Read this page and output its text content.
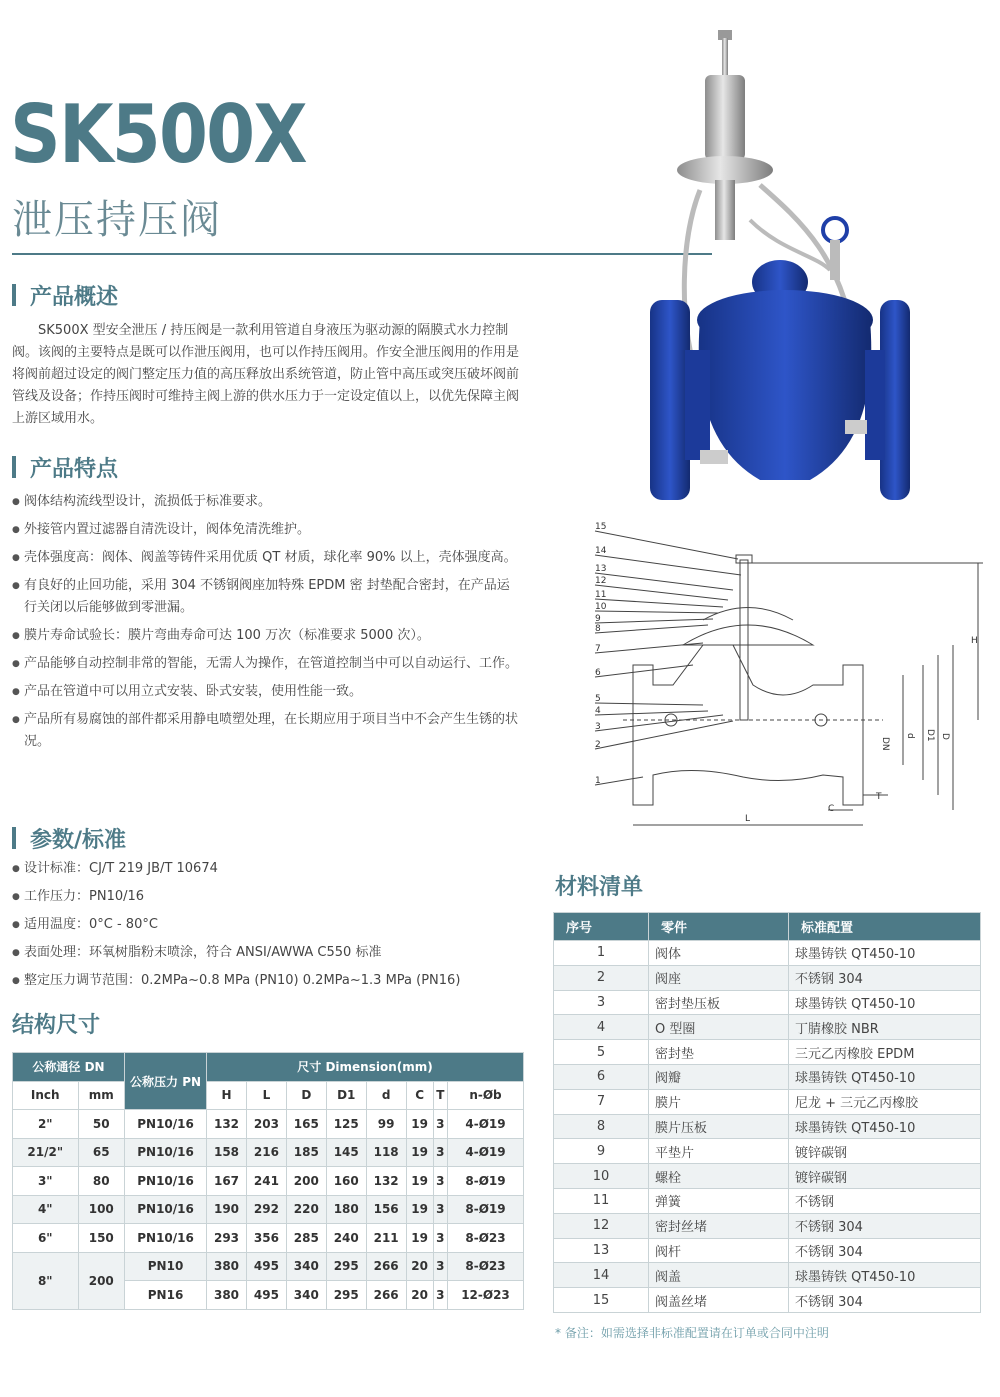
SK500X
泄压持压阀
产品概述

SK500X 型安全泄压 / 持压阀是一款利用管道自身液压为驱动源的隔膜式水力控制阀。该阀的主要特点是既可以作泄压阀用，也可以作持压阀用。作安全泄压阀用的作用是将阀前超过设定的阀门整定压力值的高压释放出系统管道，防止管中高压或突压破坏阀前管线及设备；作持压阀时可维持主阀上游的供水压力于一定设定值以上，以优先保障主阀上游区域用水。

产品特点
● 阀体结构流线型设计，流损低于标准要求。
● 外接管内置过滤器自清洗设计，阀体免清洗维护。
● 壳体强度高：阀体、阀盖等铸件采用优质 QT 材质，球化率 90% 以上，壳体强度高。
● 有良好的止回功能，采用 304 不锈钢阀座加特殊 EPDM 密 封垫配合密封，在产品运行关闭以后能够做到零泄漏。
● 膜片寿命试验长：膜片弯曲寿命可达 100 万次（标准要求 5000 次）。
● 产品能够自动控制非常的智能，无需人为操作，在管道控制当中可以自动运行、工作。
● 产品在管道中可以用立式安装、卧式安装，使用性能一致。
● 产品所有易腐蚀的部件都采用静电喷塑处理，在长期应用于项目当中不会产生生锈的状况。
参数/标准
● 设计标准：CJ/T 219 JB/T 10674
● 工作压力：PN10/16
● 适用温度：0°C - 80°C
● 表面处理：环氧树脂粉末喷涂，符合 ANSI/AWWA C550 标准
● 整定压力调节范围：0.2MPa~0.8 MPa (PN10) 0.2MPa~1.3 MPa (PN16)
15
14
13
12
11
10
9
8
7
6
5
4
3
2
1
H
DN
d D1 D
L
C
T
结构尺寸
公称通径 DN		公称压力 PN	尺寸 Dimension(mm)							
Inch	mm		H	L	D	D1	d	C	T	n-Øb
2"	50	PN10/16	132	203	165	125	99	19	3	4-Ø19
21/2"	65	PN10/16	158	216	185	145	118	19	3	4-Ø19
3"	80	PN10/16	167	241	200	160	132	19	3	8-Ø19
4"	100	PN10/16	190	292	220	180	156	19	3	8-Ø19
6"	150	PN10/16	293	356	285	240	211	19	3	8-Ø23
8"	200	PN10	380	495	340	295	266	20	3	8-Ø23
		PN16	380	495	340	295	266	20	3	12-Ø23
材料清单
序号	零件	标准配置
1	阀体	球墨铸铁 QT450-10
2	阀座	不锈钢 304
3	密封垫压板	球墨铸铁 QT450-10
4	O 型圈	丁腈橡胶 NBR
5	密封垫	三元乙丙橡胶 EPDM
6	阀瓣	球墨铸铁 QT450-10
7	膜片	尼龙 + 三元乙丙橡胶
8	膜片压板	球墨铸铁 QT450-10
9	平垫片	镀锌碳钢
10	螺栓	镀锌碳钢
11	弹簧	不锈钢
12	密封丝堵	不锈钢 304
13	阀杆	不锈钢 304
14	阀盖	球墨铸铁 QT450-10
15	阀盖丝堵	不锈钢 304
* 备注：如需选择非标准配置请在订单或合同中注明
